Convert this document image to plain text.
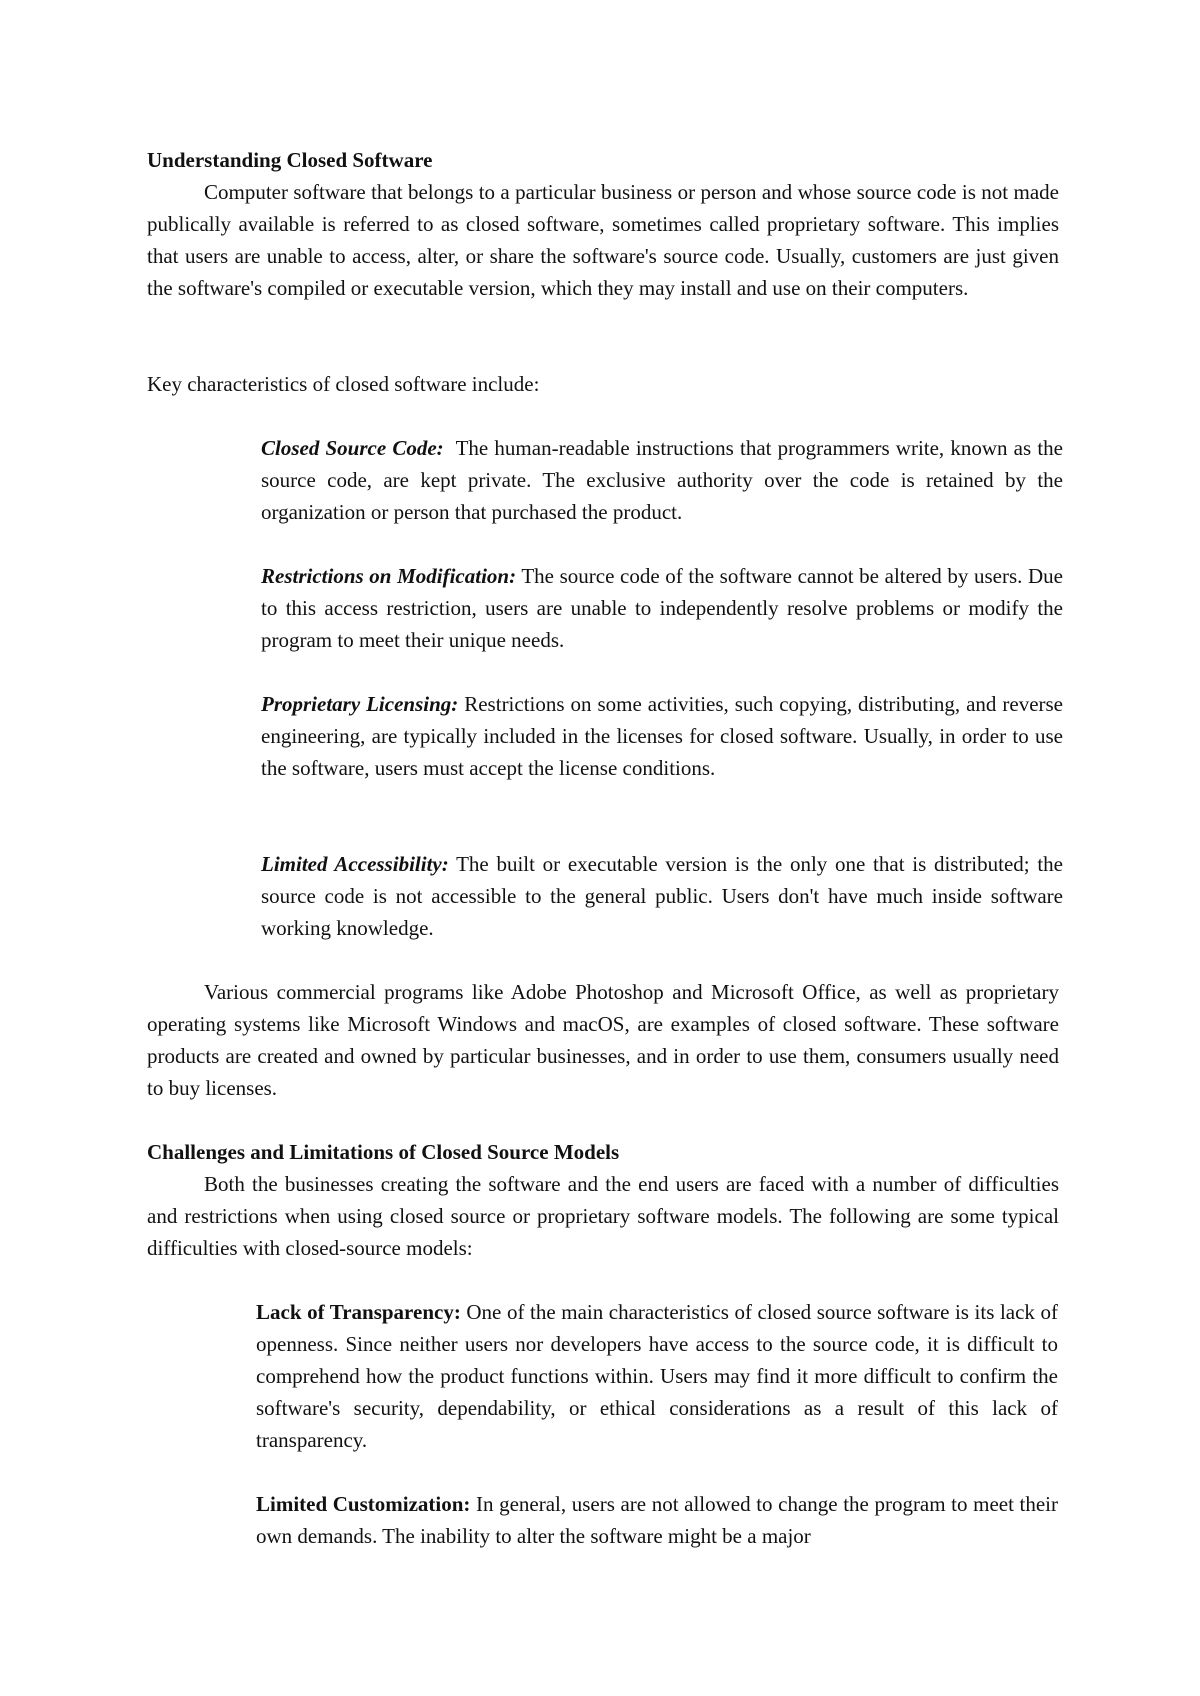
Understanding Closed Software

Computer software that belongs to a particular business or person and whose source code is not made publically available is referred to as closed software, sometimes called proprietary software. This implies that users are unable to access, alter, or share the software's source code. Usually, customers are just given the software's compiled or executable version, which they may install and use on their computers.

Key characteristics of closed software include:

Closed Source Code: The human-readable instructions that programmers write, known as the source code, are kept private. The exclusive authority over the code is retained by the organization or person that purchased the product.

Restrictions on Modification: The source code of the software cannot be altered by users. Due to this access restriction, users are unable to independently resolve problems or modify the program to meet their unique needs.

Proprietary Licensing: Restrictions on some activities, such copying, distributing, and reverse engineering, are typically included in the licenses for closed software. Usually, in order to use the software, users must accept the license conditions.

Limited Accessibility: The built or executable version is the only one that is distributed; the source code is not accessible to the general public. Users don't have much inside software working knowledge.

Various commercial programs like Adobe Photoshop and Microsoft Office, as well as proprietary operating systems like Microsoft Windows and macOS, are examples of closed software. These software products are created and owned by particular businesses, and in order to use them, consumers usually need to buy licenses.

Challenges and Limitations of Closed Source Models

Both the businesses creating the software and the end users are faced with a number of difficulties and restrictions when using closed source or proprietary software models. The following are some typical difficulties with closed-source models:

Lack of Transparency: One of the main characteristics of closed source software is its lack of openness. Since neither users nor developers have access to the source code, it is difficult to comprehend how the product functions within. Users may find it more difficult to confirm the software's security, dependability, or ethical considerations as a result of this lack of transparency.

Limited Customization: In general, users are not allowed to change the program to meet their own demands. The inability to alter the software might be a major
